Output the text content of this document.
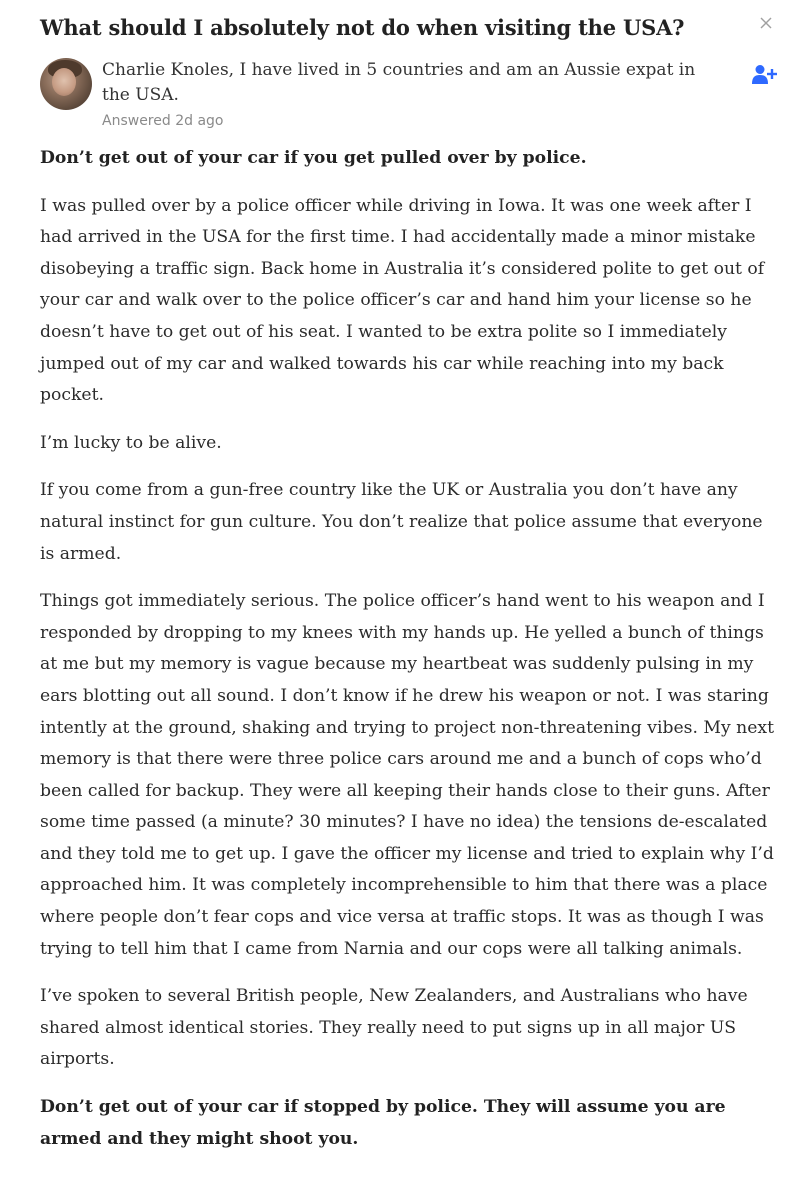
What should I absolutely not do when visiting the USA?
Charlie Knoles, I have lived in 5 countries and am an Aussie expat in the USA.
Answered 2d ago

Don’t get out of your car if you get pulled over by police.

I was pulled over by a police officer while driving in Iowa. It was one week after I had arrived in the USA for the first time. I had accidentally made a minor mistake disobeying a traffic sign. Back home in Australia it’s considered polite to get out of your car and walk over to the police officer’s car and hand him your license so he doesn’t have to get out of his seat. I wanted to be extra polite so I immediately jumped out of my car and walked towards his car while reaching into my back pocket.

I’m lucky to be alive.

If you come from a gun-free country like the UK or Australia you don’t have any natural instinct for gun culture. You don’t realize that police assume that everyone is armed.

Things got immediately serious. The police officer’s hand went to his weapon and I responded by dropping to my knees with my hands up. He yelled a bunch of things at me but my memory is vague because my heartbeat was suddenly pulsing in my ears blotting out all sound. I don’t know if he drew his weapon or not. I was staring intently at the ground, shaking and trying to project non-threatening vibes. My next memory is that there were three police cars around me and a bunch of cops who’d been called for backup. They were all keeping their hands close to their guns. After some time passed (a minute? 30 minutes? I have no idea) the tensions de-escalated and they told me to get up. I gave the officer my license and tried to explain why I’d approached him. It was completely incomprehensible to him that there was a place where people don’t fear cops and vice versa at traffic stops. It was as though I was trying to tell him that I came from Narnia and our cops were all talking animals.

I’ve spoken to several British people, New Zealanders, and Australians who have shared almost identical stories. They really need to put signs up in all major US airports.

Don’t get out of your car if stopped by police. They will assume you are armed and they might shoot you.
